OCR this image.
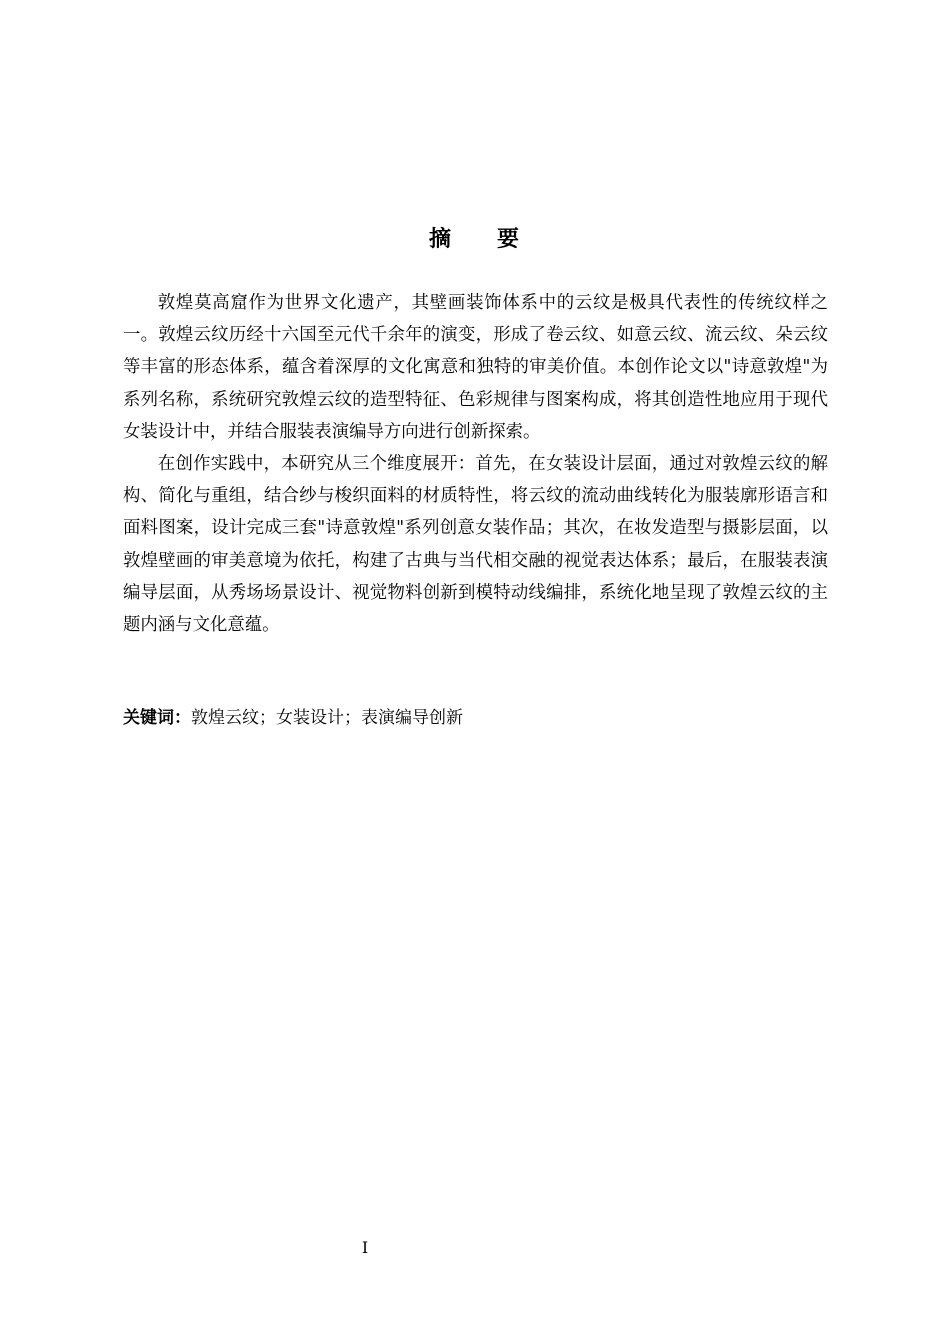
摘 要

敦煌莫高窟作为世界文化遗产，其壁画装饰体系中的云纹是极具代表性的传统纹样之一。敦煌云纹历经十六国至元代千余年的演变，形成了卷云纹、如意云纹、流云纹、朵云纹等丰富的形态体系，蕴含着深厚的文化寓意和独特的审美价值。本创作论文以"诗意敦煌"为系列名称，系统研究敦煌云纹的造型特征、色彩规律与图案构成，将其创造性地应用于现代女装设计中，并结合服装表演编导方向进行创新探索。

在创作实践中，本研究从三个维度展开：首先，在女装设计层面，通过对敦煌云纹的解构、简化与重组，结合纱与梭织面料的材质特性，将云纹的流动曲线转化为服装廓形语言和面料图案，设计完成三套"诗意敦煌"系列创意女装作品；其次，在妆发造型与摄影层面，以敦煌壁画的审美意境为依托，构建了古典与当代相交融的视觉表达体系；最后，在服装表演编导层面，从秀场场景设计、视觉物料创新到模特动线编排，系统化地呈现了敦煌云纹的主题内涵与文化意蕴。

关键词：敦煌云纹；女装设计；表演编导创新
I
